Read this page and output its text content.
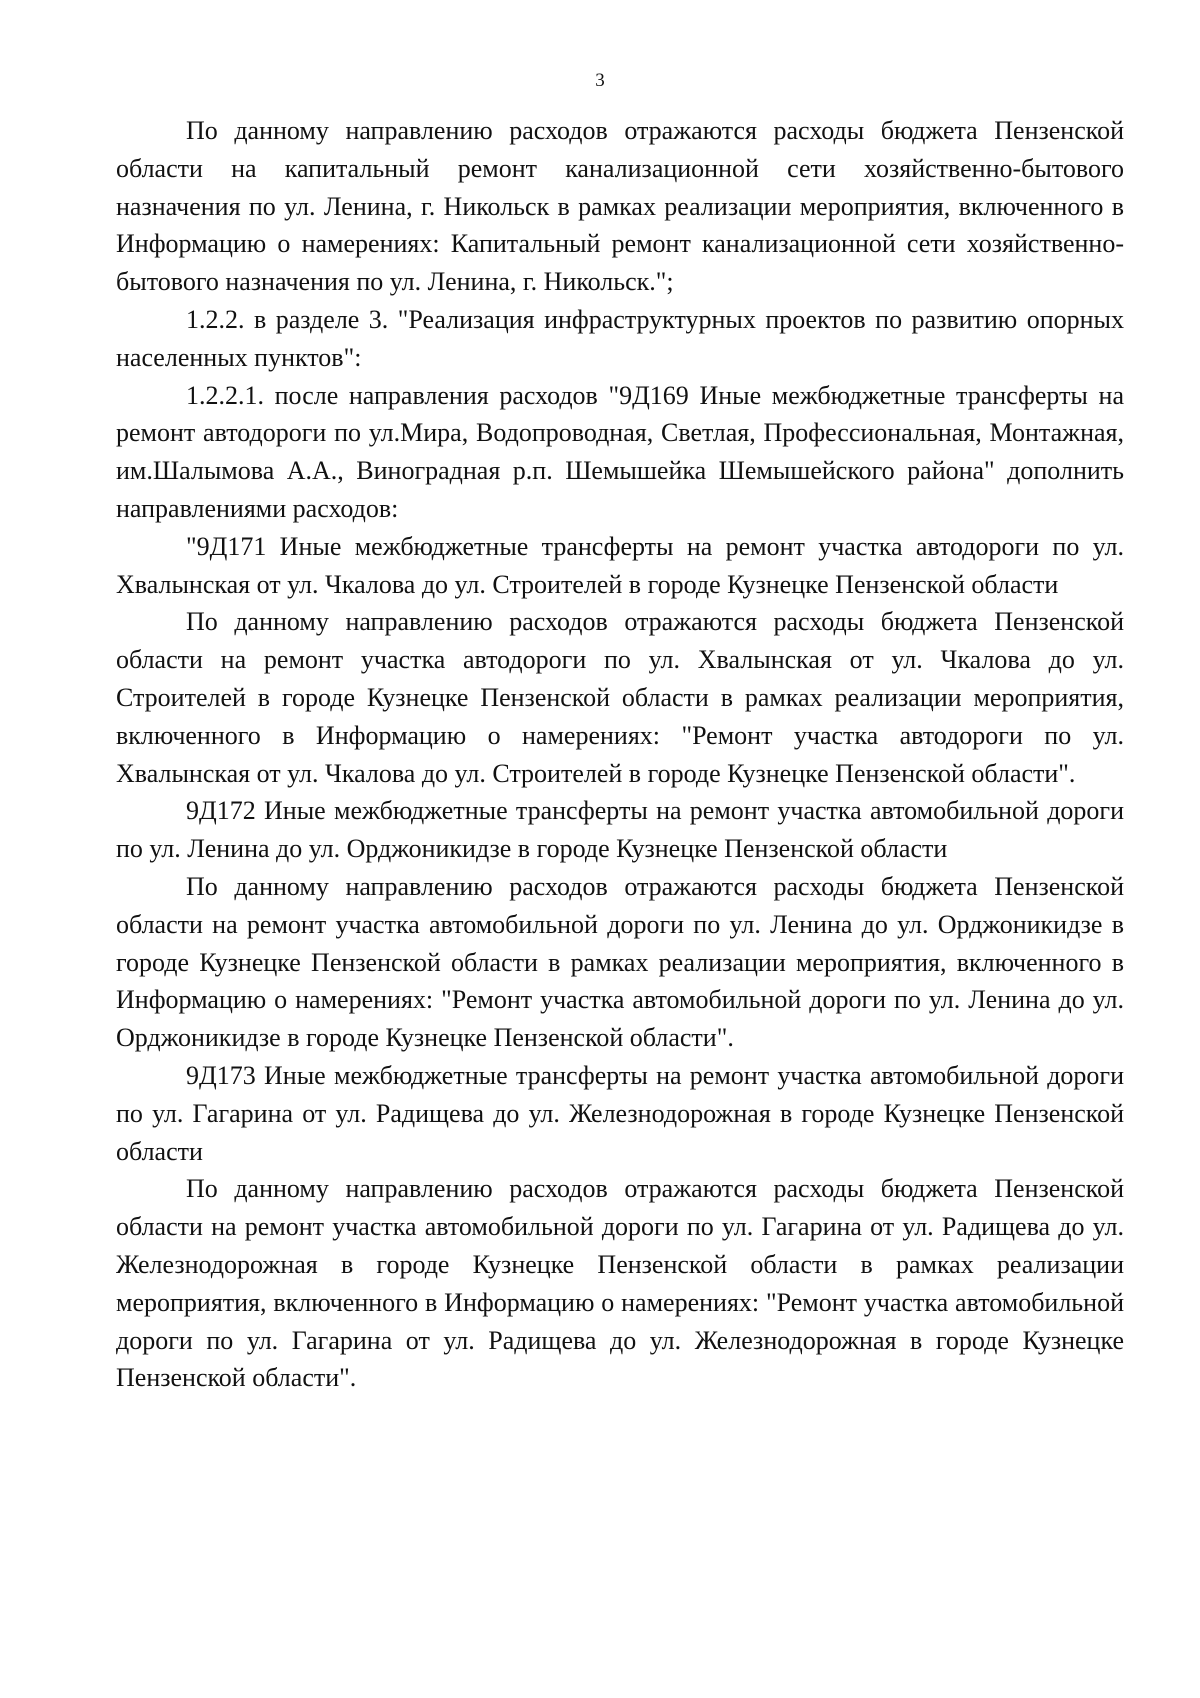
3

По данному направлению расходов отражаются расходы бюджета Пензенской области на капитальный ремонт канализационной сети хозяйственно-бытового назначения по ул. Ленина, г. Никольск в рамках реализации мероприятия, включенного в Информацию о намерениях: Капитальный ремонт канализационной сети хозяйственно-бытового назначения по ул. Ленина, г. Никольск.";

1.2.2. в разделе 3. "Реализация инфраструктурных проектов по развитию опорных населенных пунктов":

1.2.2.1. после направления расходов "9Д169 Иные межбюджетные трансферты на ремонт автодороги по ул.Мира, Водопроводная, Светлая, Профессиональная, Монтажная, им.Шалымова А.А., Виноградная р.п. Шемышейка Шемышейского района" дополнить направлениями расходов:

"9Д171 Иные межбюджетные трансферты на ремонт участка автодороги по ул. Хвалынская от ул. Чкалова до ул. Строителей в городе Кузнецке Пензенской области

По данному направлению расходов отражаются расходы бюджета Пензенской области на ремонт участка автодороги по ул. Хвалынская от ул. Чкалова до ул. Строителей в городе Кузнецке Пензенской области в рамках реализации мероприятия, включенного в Информацию о намерениях: "Ремонт участка автодороги по ул. Хвалынская от ул. Чкалова до ул. Строителей в городе Кузнецке Пензенской области".

9Д172 Иные межбюджетные трансферты на ремонт участка автомобильной дороги по ул. Ленина до ул. Орджоникидзе в городе Кузнецке Пензенской области

По данному направлению расходов отражаются расходы бюджета Пензенской области на ремонт участка автомобильной дороги по ул. Ленина до ул. Орджоникидзе в городе Кузнецке Пензенской области в рамках реализации мероприятия, включенного в Информацию о намерениях: "Ремонт участка автомобильной дороги по ул. Ленина до ул. Орджоникидзе в городе Кузнецке Пензенской области".

9Д173 Иные межбюджетные трансферты на ремонт участка автомобильной дороги по ул. Гагарина от ул. Радищева до ул. Железнодорожная в городе Кузнецке Пензенской области

По данному направлению расходов отражаются расходы бюджета Пензенской области на ремонт участка автомобильной дороги по ул. Гагарина от ул. Радищева до ул. Железнодорожная в городе Кузнецке Пензенской области в рамках реализации мероприятия, включенного в Информацию о намерениях: "Ремонт участка автомобильной дороги по ул. Гагарина от ул. Радищева до ул. Железнодорожная в городе Кузнецке Пензенской области".
